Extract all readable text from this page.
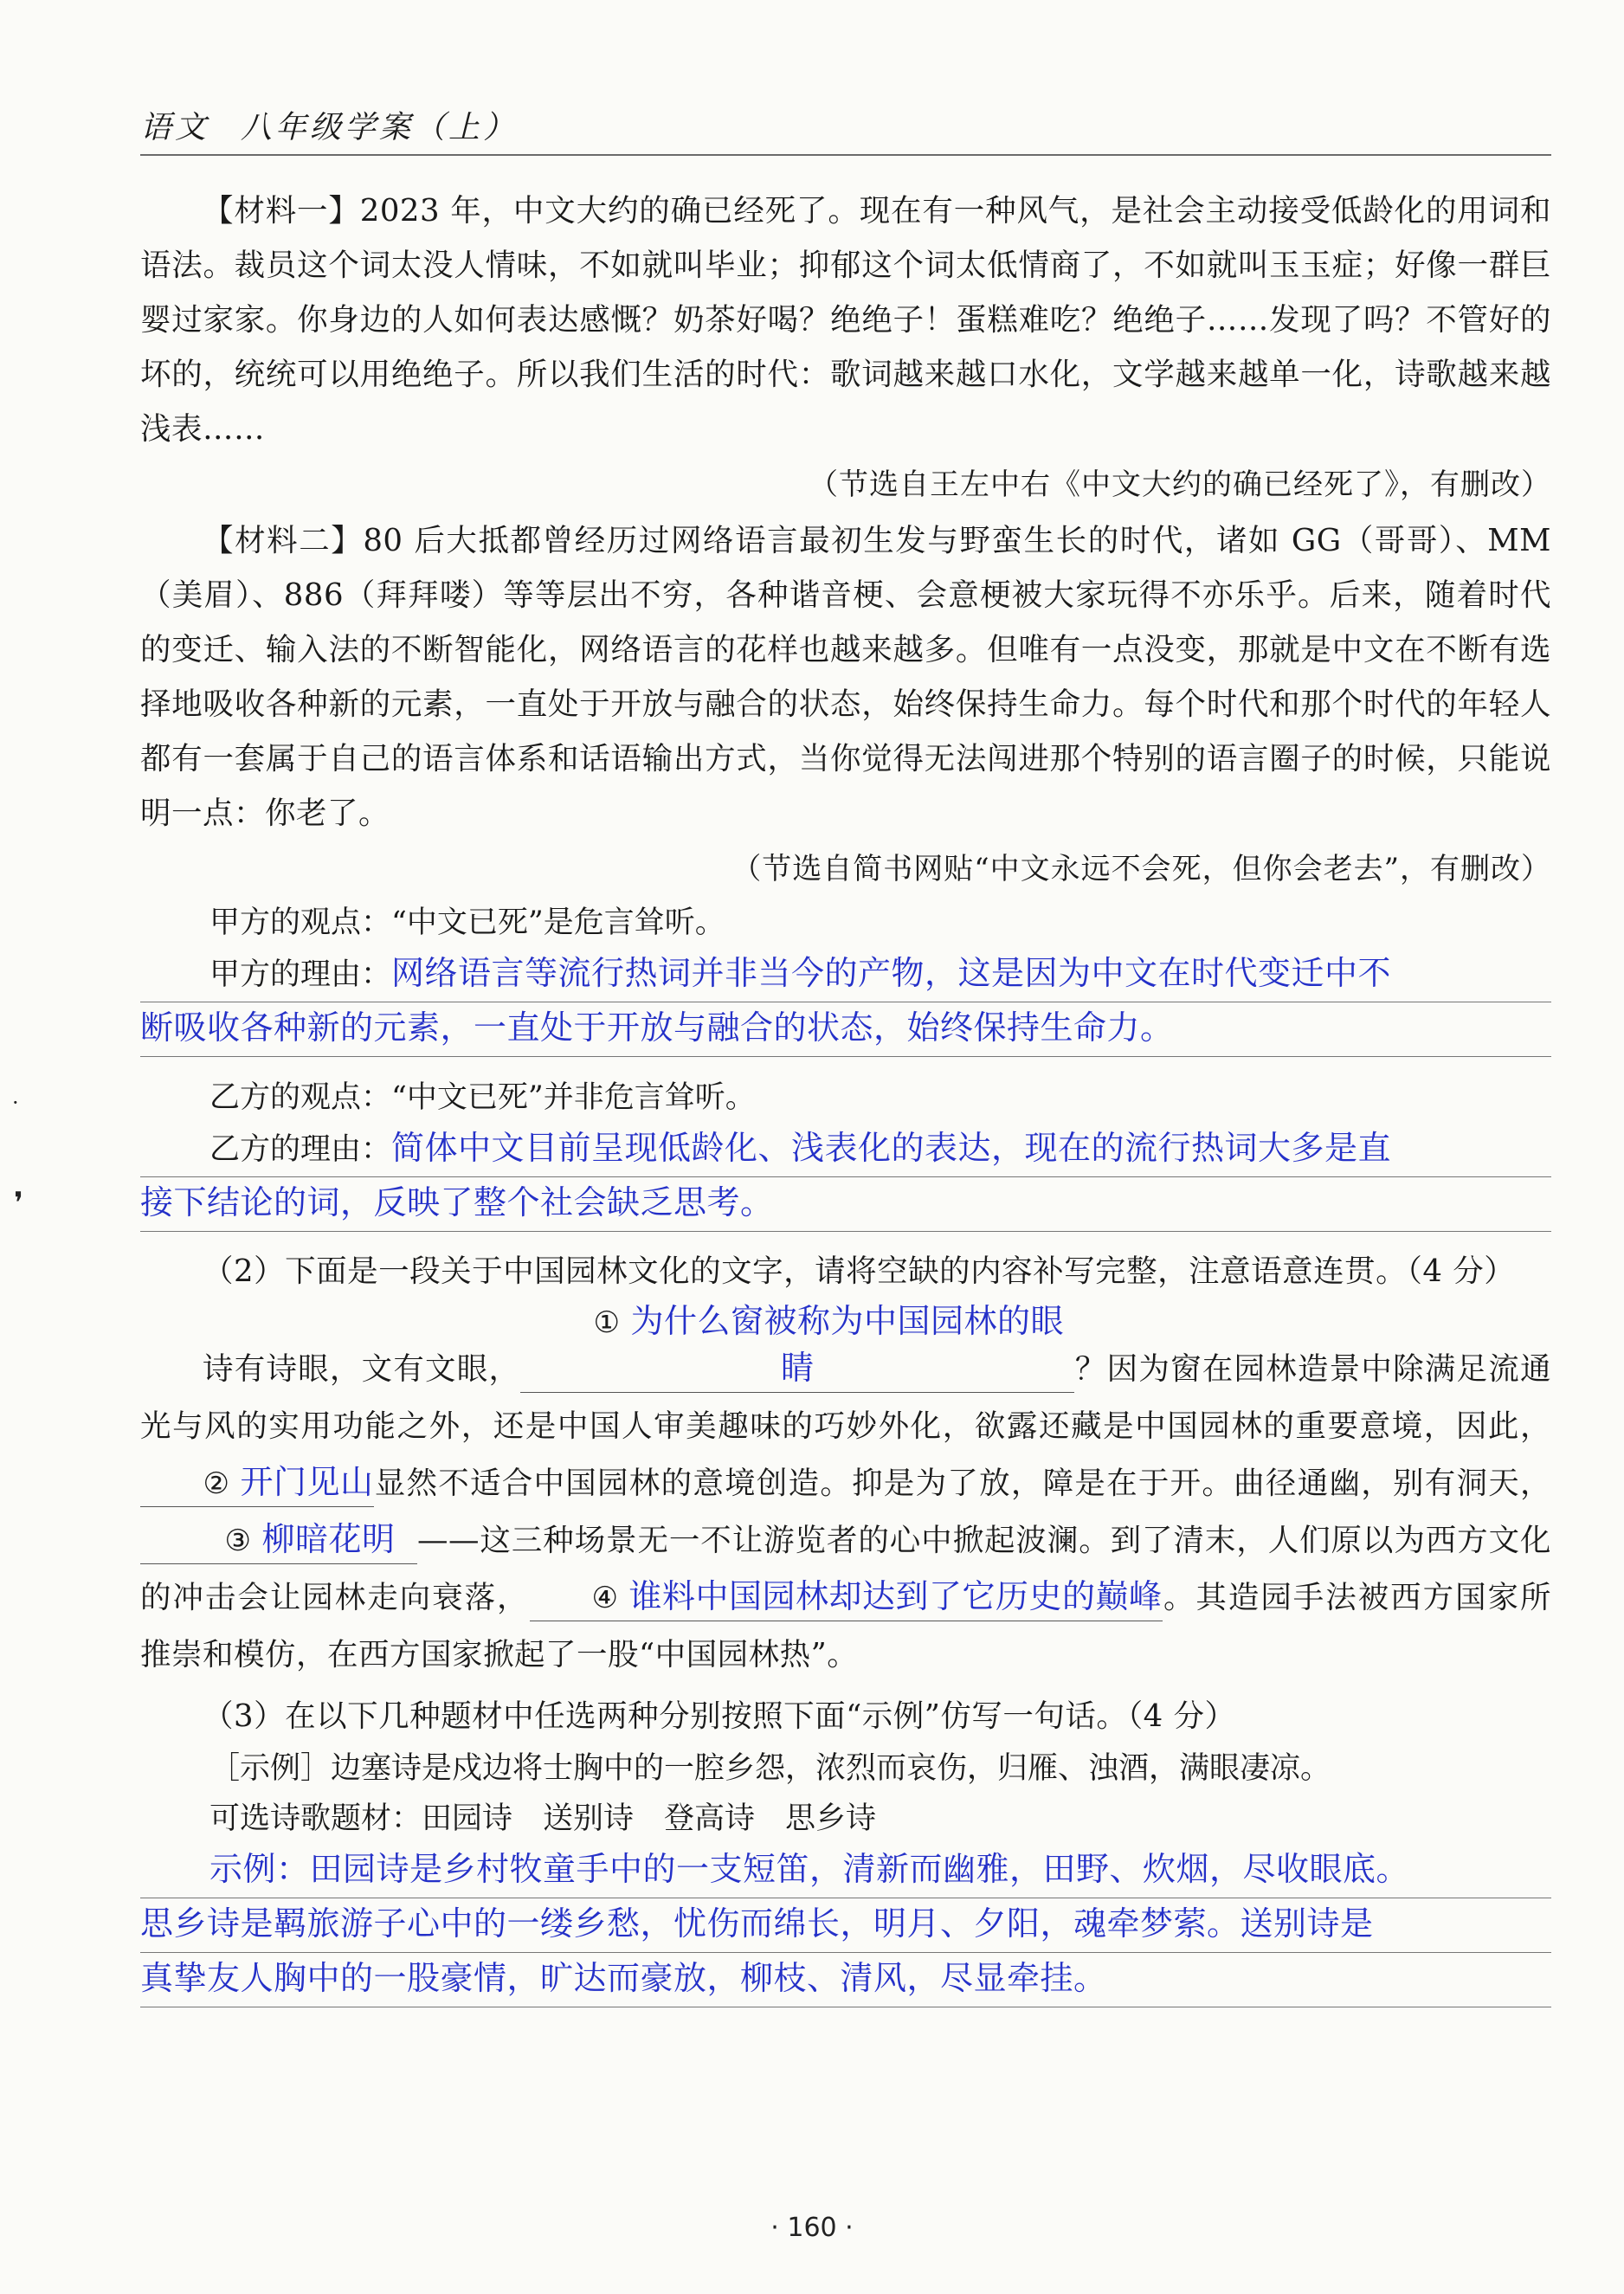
语文 八年级学案（上）

【材料一】2023 年，中文大约的确已经死了。现在有一种风气，是社会主动接受低龄化的用词和语法。裁员这个词太没人情味，不如就叫毕业；抑郁这个词太低情商了，不如就叫玉玉症；好像一群巨婴过家家。你身边的人如何表达感慨？奶茶好喝？绝绝子！蛋糕难吃？绝绝子……发现了吗？不管好的坏的，统统可以用绝绝子。所以我们生活的时代：歌词越来越口水化，文学越来越单一化，诗歌越来越浅表……

（节选自王左中右《中文大约的确已经死了》，有删改）

【材料二】80 后大抵都曾经历过网络语言最初生发与野蛮生长的时代，诸如 GG（哥哥）、MM（美眉）、886（拜拜喽）等等层出不穷，各种谐音梗、会意梗被大家玩得不亦乐乎。后来，随着时代的变迁、输入法的不断智能化，网络语言的花样也越来越多。但唯有一点没变，那就是中文在不断有选择地吸收各种新的元素，一直处于开放与融合的状态，始终保持生命力。每个时代和那个时代的年轻人都有一套属于自己的语言体系和话语输出方式，当你觉得无法闯进那个特别的语言圈子的时候，只能说明一点：你老了。

（节选自简书网贴“中文永远不会死，但你会老去”，有删改）

甲方的观点：“中文已死”是危言耸听。
甲方的理由：网络语言等流行热词并非当今的产物，这是因为中文在时代变迁中不
断吸收各种新的元素，一直处于开放与融合的状态，始终保持生命力。
乙方的观点：“中文已死”并非危言耸听。
乙方的理由：简体中文目前呈现低龄化、浅表化的表达，现在的流行热词大多是直
接下结论的词，反映了整个社会缺乏思考。

（2）下面是一段关于中国园林文化的文字，请将空缺的内容补写完整，注意语意连贯。（4 分）

诗有诗眼，文有文眼，① 为什么窗被称为中国园林的眼睛	？因为窗在园林造景中除满足流通光与风的实用功能之外，还是中国人审美趣味的巧妙外化，欲露还藏是中国园林的重要意境，因此，② 开门见山显然不适合中国园林的意境创造。抑是为了放，障是在于开。曲径通幽，别有洞天，③ 柳暗花明 ——这三种场景无一不让游览者的心中掀起波澜。到了清末，人们原以为西方文化的冲击会让园林走向衰落， ④ 谁料中国园林却达到了它历史的巅峰。其造园手法被西方国家所推崇和模仿，在西方国家掀起了一股“中国园林热”。

（3）在以下几种题材中任选两种分别按照下面“示例”仿写一句话。（4 分）

［示例］边塞诗是戍边将士胸中的一腔乡怨，浓烈而哀伤，归雁、浊酒，满眼凄凉。
可选诗歌题材：田园诗　送别诗　登高诗　思乡诗
示例：田园诗是乡村牧童手中的一支短笛，清新而幽雅，田野、炊烟，尽收眼底。
思乡诗是羁旅游子心中的一缕乡愁，忧伤而绵长，明月、夕阳，魂牵梦萦。送别诗是
真挚友人胸中的一股豪情，旷达而豪放，柳枝、清风，尽显牵挂。
·
❜
· 160 ·
